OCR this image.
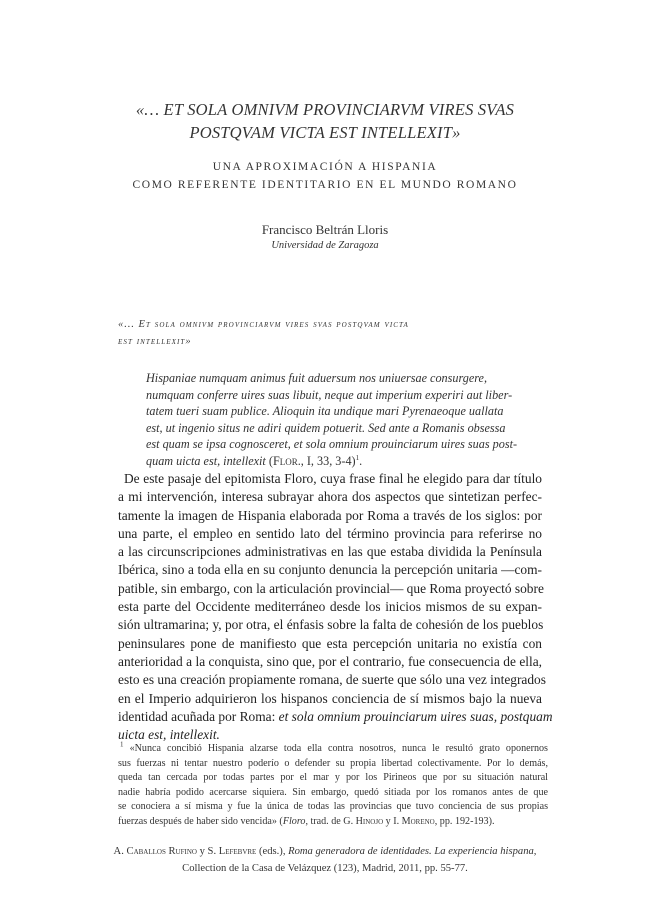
«… ET SOLA OMNIVM PROVINCIARVM VIRES SVAS
POSTQVAM VICTA EST INTELLEXIT»
UNA APROXIMACIÓN A HISPANIA
COMO REFERENTE IDENTITARIO EN EL MUNDO ROMANO
Francisco Beltrán Lloris
Universidad de Zaragoza
«… Et sola omnivm provinciarvm vires svas postqvam victa
est intellexit»
Hispaniae numquam animus fuit aduersum nos uniuersae consurgere,
numquam conferre uires suas libuit, neque aut imperium experiri aut liber-
tatem tueri suam publice. Alioquin ita undique mari Pyrenaeoque uallata
est, ut ingenio situs ne adiri quidem potuerit. Sed ante a Romanis obsessa
est quam se ipsa cognosceret, et sola omnium prouinciarum uires suas post-
quam uicta est, intellexit (Flor., I, 33, 3-4)$^1$.
De este pasaje del epitomista Floro, cuya frase final he elegido para dar título
a mi intervención, interesa subrayar ahora dos aspectos que sintetizan perfec-
tamente la imagen de Hispania elaborada por Roma a través de los siglos: por
una parte, el empleo en sentido lato del término provincia para referirse no
a las circunscripciones administrativas en las que estaba dividida la Península
Ibérica, sino a toda ella en su conjunto denuncia la percepción unitaria —com-
patible, sin embargo, con la articulación provincial— que Roma proyectó sobre
esta parte del Occidente mediterráneo desde los inicios mismos de su expan-
sión ultramarina; y, por otra, el énfasis sobre la falta de cohesión de los pueblos
peninsulares pone de manifiesto que esta percepción unitaria no existía con
anterioridad a la conquista, sino que, por el contrario, fue consecuencia de ella,
esto es una creación propiamente romana, de suerte que sólo una vez integrados
en el Imperio adquirieron los hispanos conciencia de sí mismos bajo la nueva
identidad acuñada por Roma: et sola omnium prouinciarum uires suas, postquam
uicta est, intellexit.
$^1$ «Nunca concibió Hispania alzarse toda ella contra nosotros, nunca le resultó grato oponernos
sus fuerzas ni tentar nuestro poderío o defender su propia libertad colectivamente. Por lo demás,
queda tan cercada por todas partes por el mar y por los Pirineos que por su situación natural
nadie habría podido acercarse siquiera. Sin embargo, quedó sitiada por los romanos antes de que
se conociera a sí misma y fue la única de todas las provincias que tuvo conciencia de sus propias
fuerzas después de haber sido vencida» (Floro, trad. de G. Hinojo y I. Moreno, pp. 192-193).
A. Caballos Rufino y S. Lefebvre (eds.), Roma generadora de identidades. La experiencia hispana,
Collection de la Casa de Velázquez (123), Madrid, 2011, pp. 55-77.
